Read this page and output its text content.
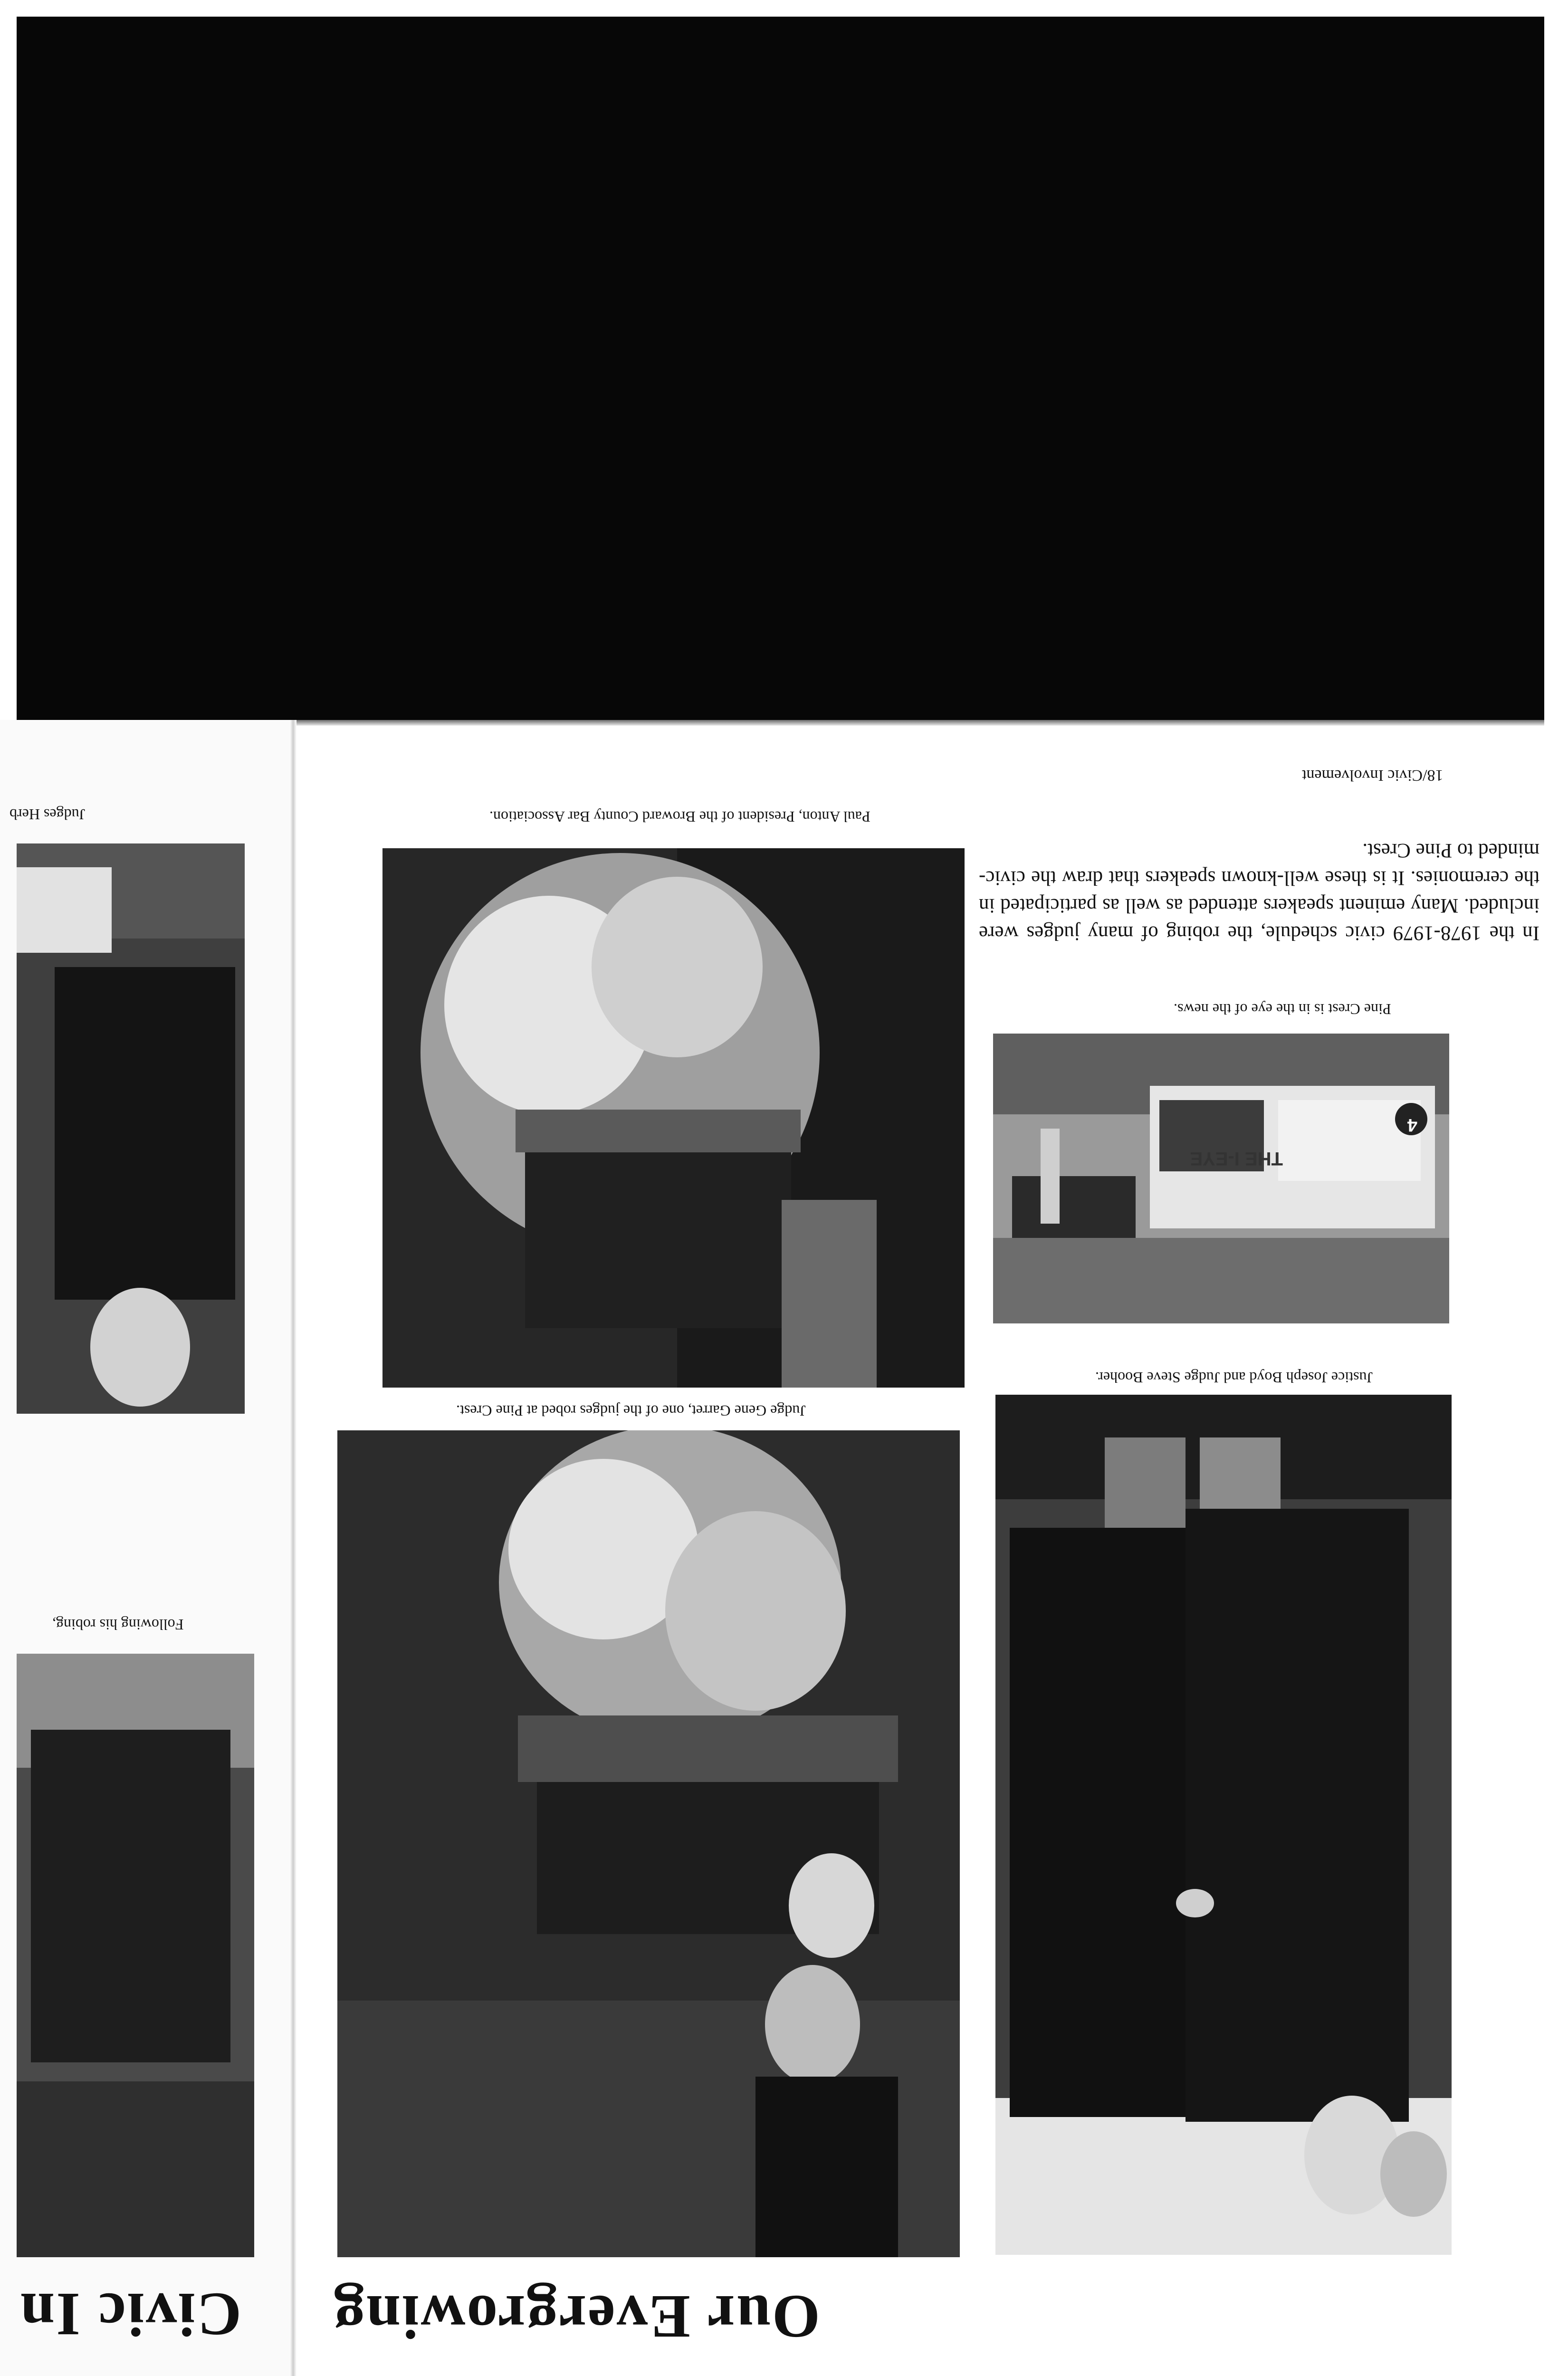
18/Civic Involvement
In the 1978-1979 civic schedule, the robing of many judges were included. Many eminent speakers attended as well as participated in the ceremonies. It is these well-known speakers that draw the civic-minded to Pine Crest.
Pine Crest is in the eye of the news.
THE I-EYE
4
Justice Joseph Boyd and Judge Steve Booher.
Paul Anton, President of the Broward County Bar Association.
Judge Gene Garret, one of the judges robed at Pine Crest.
Our Evergrowing
Judges Herb
Following his robing,
Civic In
